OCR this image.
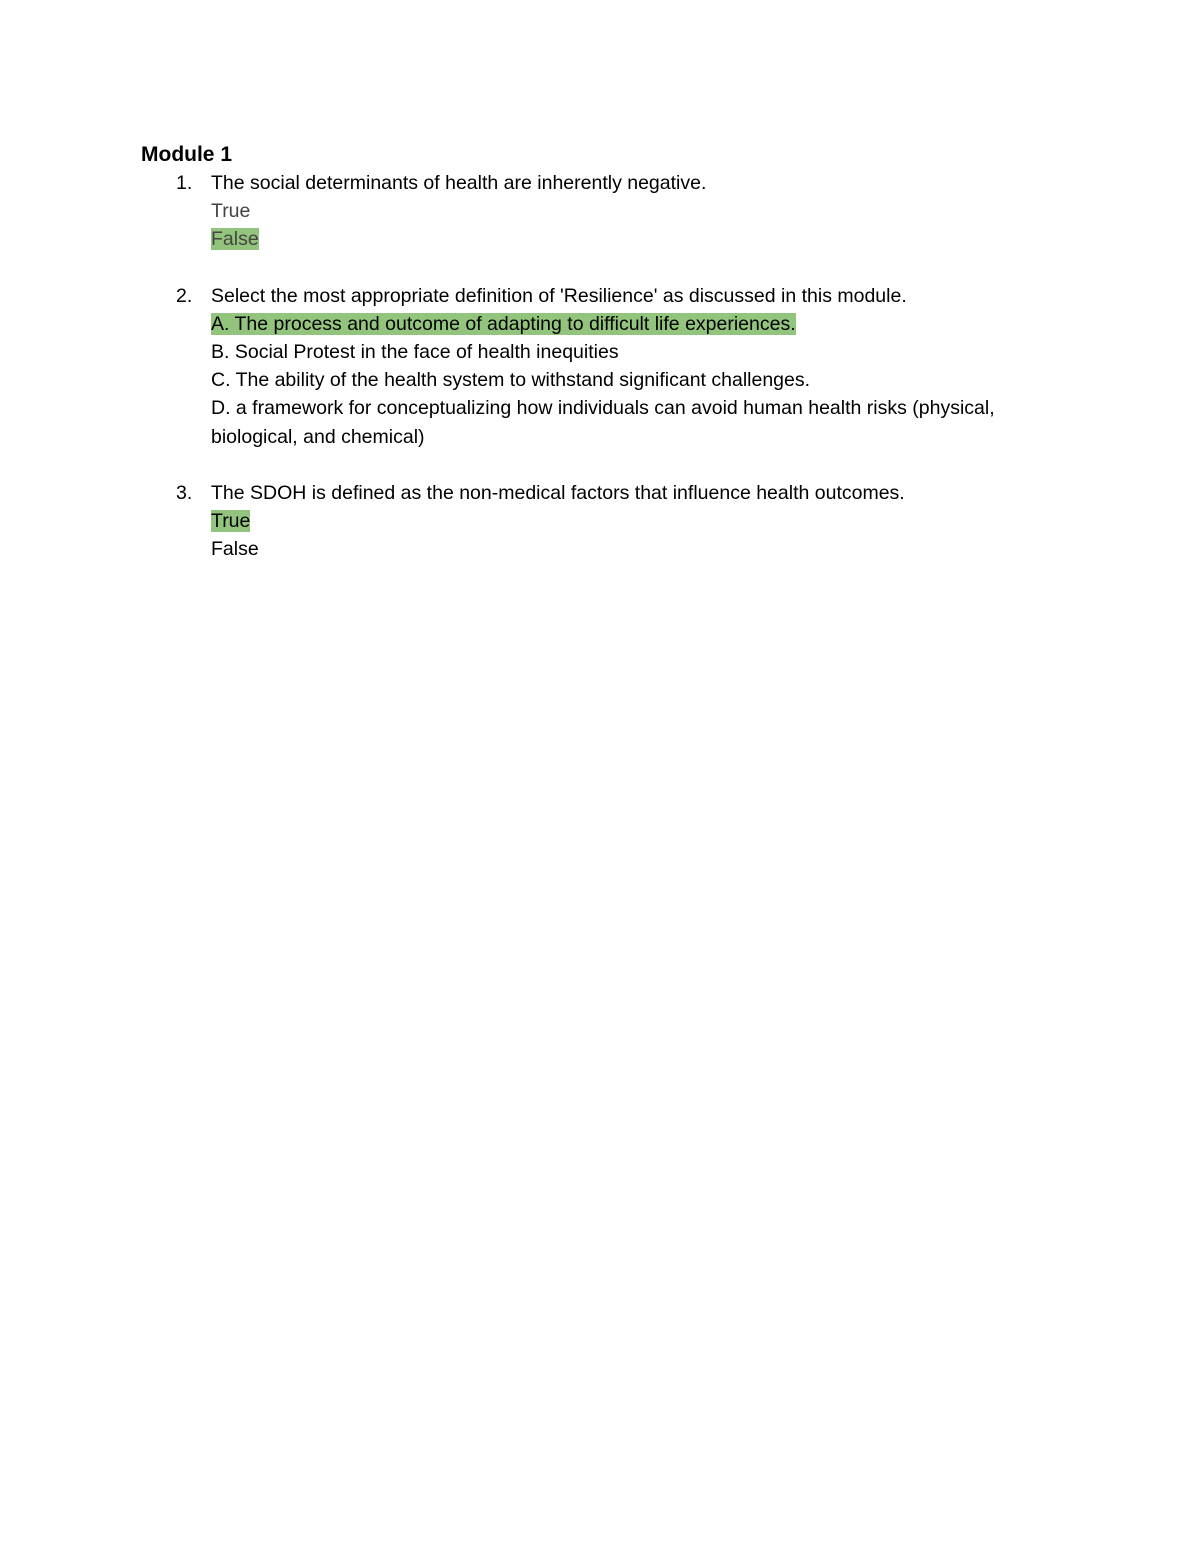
Module 1
1. The social determinants of health are inherently negative.
True
False
2. Select the most appropriate definition of 'Resilience' as discussed in this module.
A. The process and outcome of adapting to difficult life experiences.
B. Social Protest in the face of health inequities
C. The ability of the health system to withstand significant challenges.
D. a framework for conceptualizing how individuals can avoid human health risks (physical, biological, and chemical)
3. The SDOH is defined as the non-medical factors that influence health outcomes.
True
False
